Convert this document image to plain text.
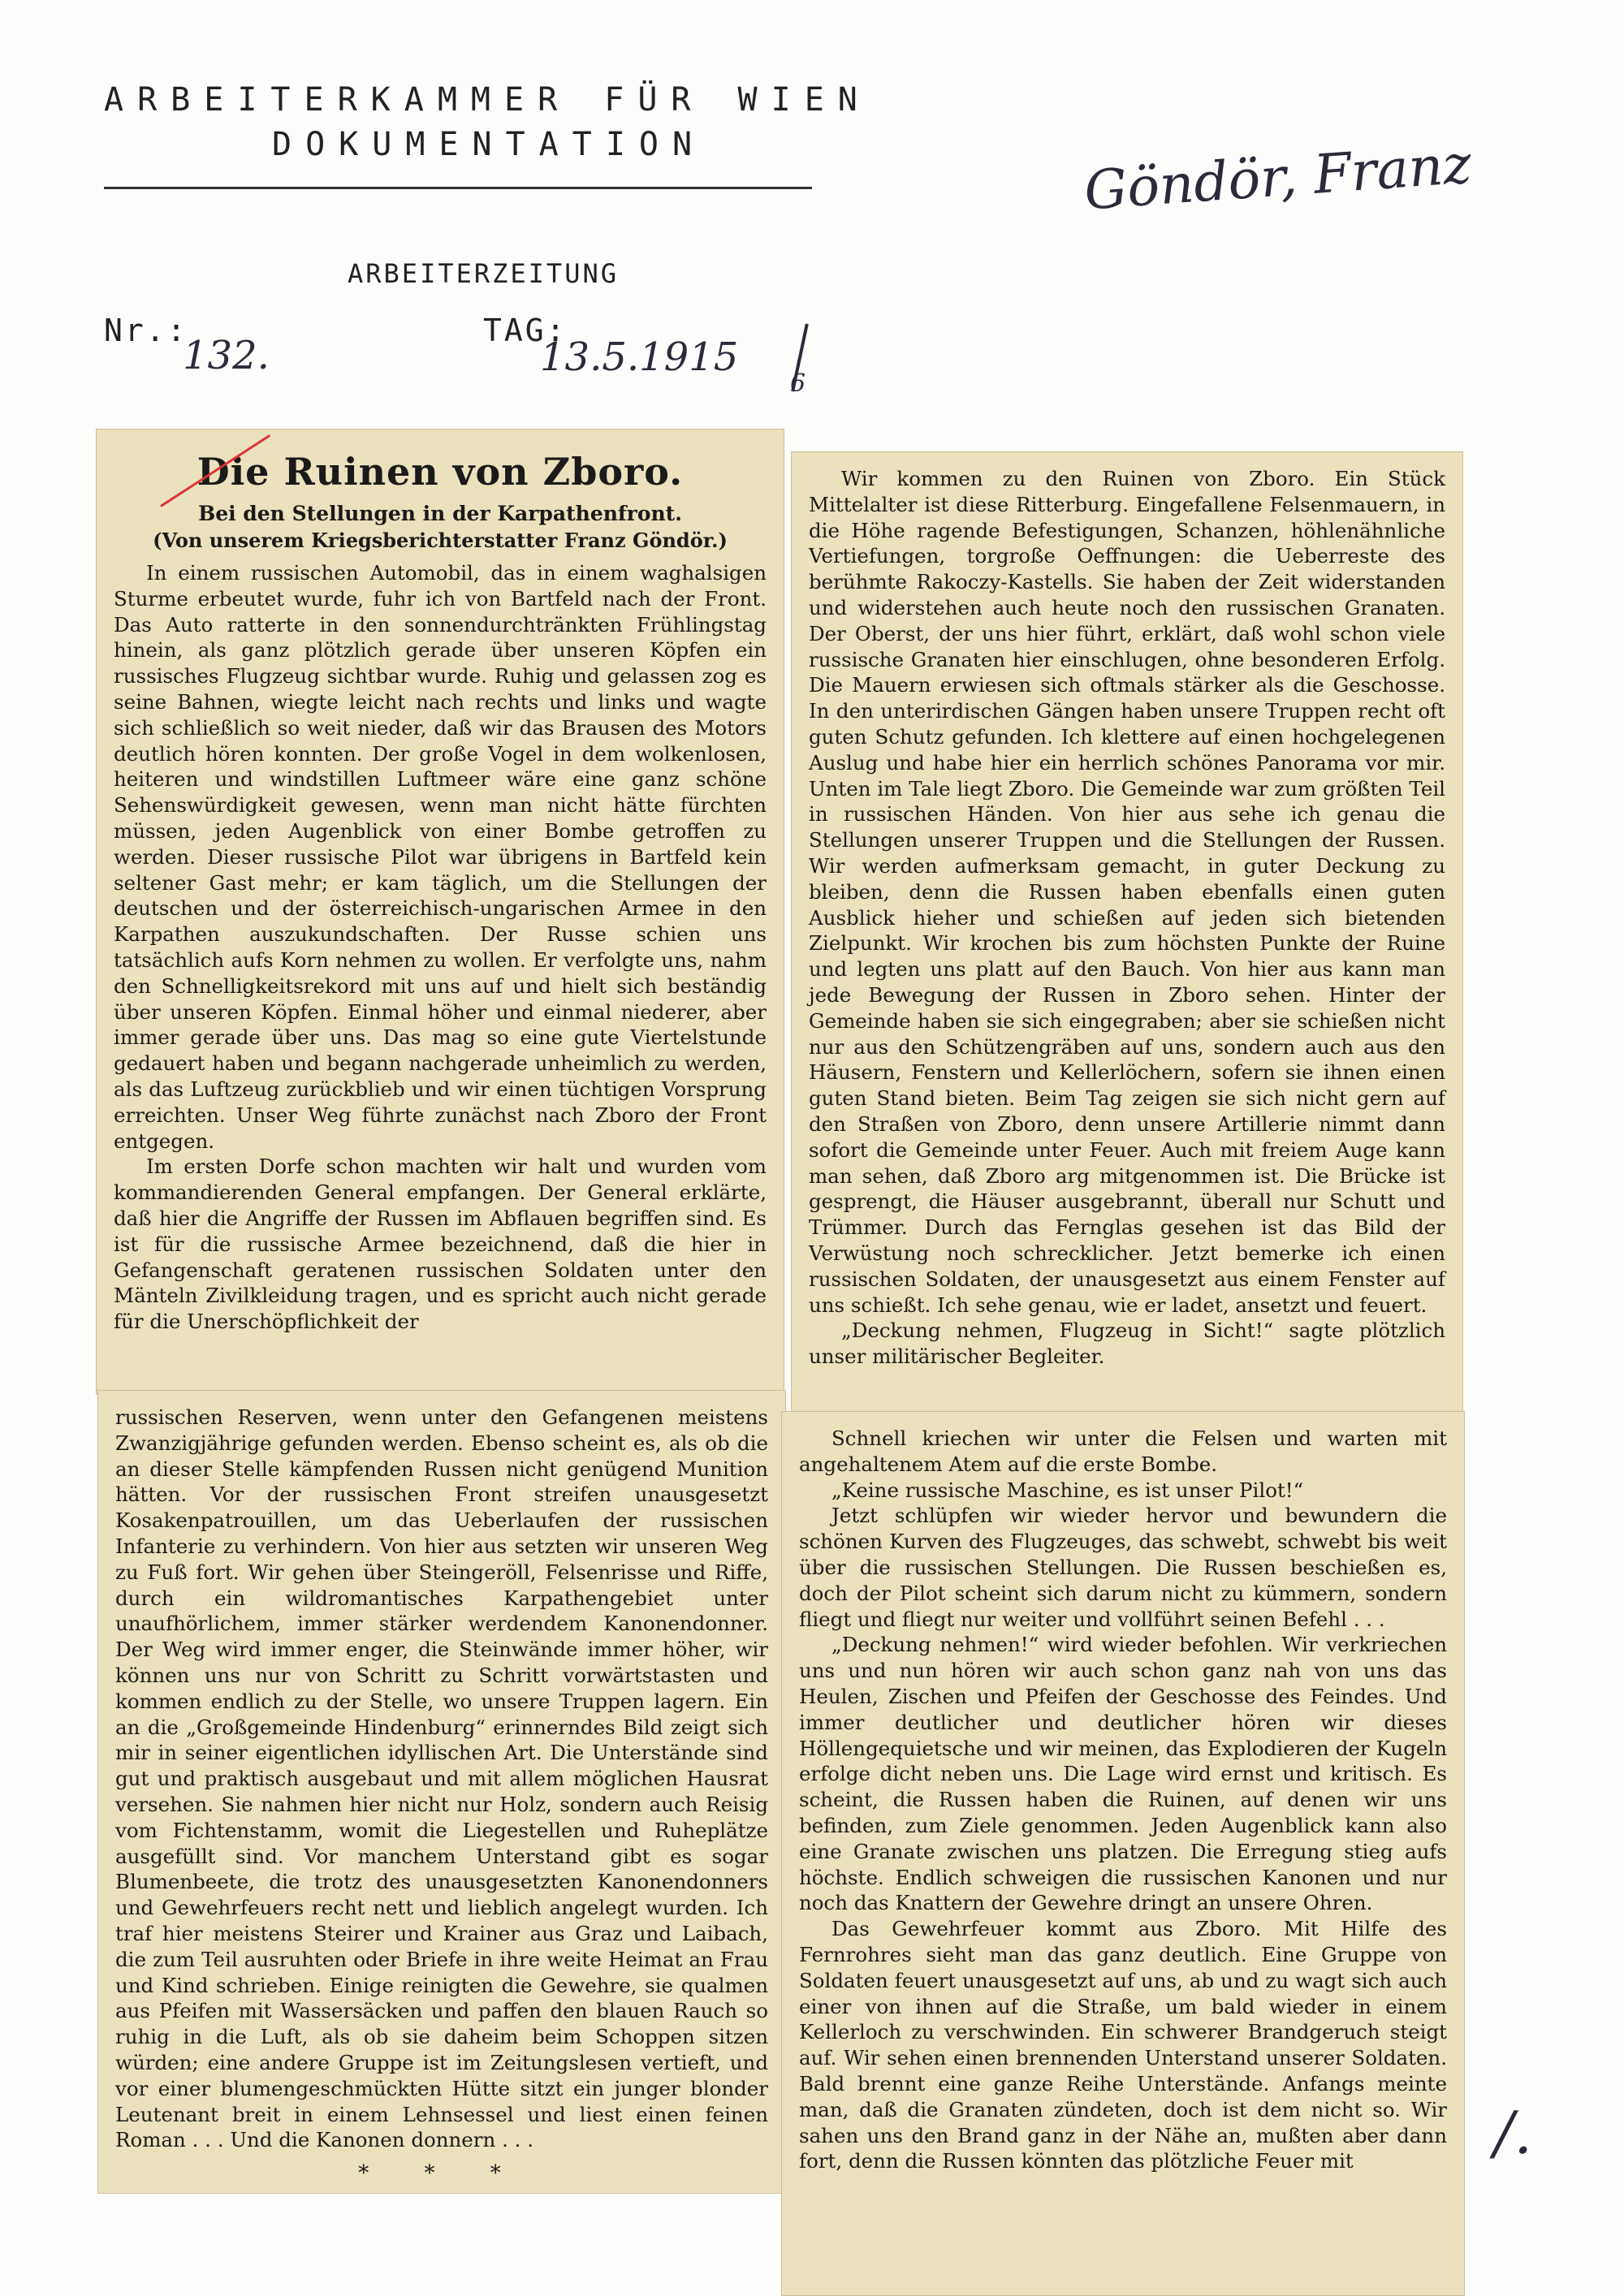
ARBEITERKAMMER FÜR WIEN
DOKUMENTATION
ARBEITERZEITUNG
Nr.:
132.
TAG:
13.5.1915
6
Göndör, Franz
Die Ruinen von Zboro.
Bei den Stellungen in der Karpathenfront.
(Von unserem Kriegsberichterstatter Franz Göndör.)

In einem russischen Automobil, das in einem waghalsigen Sturme erbeutet wurde, fuhr ich von Bartfeld nach der Front. Das Auto ratterte in den sonnendurchtränkten Frühlingstag hinein, als ganz plötzlich gerade über unseren Köpfen ein russisches Flugzeug sichtbar wurde. Ruhig und gelassen zog es seine Bahnen, wiegte leicht nach rechts und links und wagte sich schließlich so weit nieder, daß wir das Brausen des Motors deutlich hören konnten. Der große Vogel in dem wolkenlosen, heiteren und windstillen Luftmeer wäre eine ganz schöne Sehenswürdigkeit gewesen, wenn man nicht hätte fürchten müssen, jeden Augenblick von einer Bombe getroffen zu werden. Dieser russische Pilot war übrigens in Bartfeld kein seltener Gast mehr; er kam täglich, um die Stellungen der deutschen und der österreichisch-ungarischen Armee in den Karpathen auszukundschaften. Der Russe schien uns tatsächlich aufs Korn nehmen zu wollen. Er verfolgte uns, nahm den Schnelligkeitsrekord mit uns auf und hielt sich beständig über unseren Köpfen. Einmal höher und einmal niederer, aber immer gerade über uns. Das mag so eine gute Viertelstunde gedauert haben und begann nachgerade unheimlich zu werden, als das Luftzeug zurückblieb und wir einen tüchtigen Vorsprung erreichten. Unser Weg führte zunächst nach Zboro der Front entgegen.

Im ersten Dorfe schon machten wir halt und wurden vom kommandierenden General empfangen. Der General erklärte, daß hier die Angriffe der Russen im Abflauen begriffen sind. Es ist für die russische Armee bezeichnend, daß die hier in Gefangenschaft geratenen russischen Soldaten unter den Mänteln Zivilkleidung tragen, und es spricht auch nicht gerade für die Unerschöpflichkeit der

russischen Reserven, wenn unter den Gefangenen meistens Zwanzigjährige gefunden werden. Ebenso scheint es, als ob die an dieser Stelle kämpfenden Russen nicht genügend Munition hätten. Vor der russischen Front streifen unausgesetzt Kosakenpatrouillen, um das Ueberlaufen der russischen Infanterie zu verhindern. Von hier aus setzten wir unseren Weg zu Fuß fort. Wir gehen über Steingeröll, Felsenrisse und Riffe, durch ein wildromantisches Karpathengebiet unter unaufhörlichem, immer stärker werdendem Kanonendonner. Der Weg wird immer enger, die Steinwände immer höher, wir können uns nur von Schritt zu Schritt vorwärtstasten und kommen endlich zu der Stelle, wo unsere Truppen lagern. Ein an die „Großgemeinde Hindenburg“ erinnerndes Bild zeigt sich mir in seiner eigentlichen idyllischen Art. Die Unterstände sind gut und praktisch ausgebaut und mit allem möglichen Hausrat versehen. Sie nahmen hier nicht nur Holz, sondern auch Reisig vom Fichtenstamm, womit die Liegestellen und Ruheplätze ausgefüllt sind. Vor manchem Unterstand gibt es sogar Blumenbeete, die trotz des unausgesetzten Kanonendonners und Gewehrfeuers recht nett und lieblich angelegt wurden. Ich traf hier meistens Steirer und Krainer aus Graz und Laibach, die zum Teil ausruhten oder Briefe in ihre weite Heimat an Frau und Kind schrieben. Einige reinigten die Gewehre, sie qualmen aus Pfeifen mit Wassersäcken und paffen den blauen Rauch so ruhig in die Luft, als ob sie daheim beim Schoppen sitzen würden; eine andere Gruppe ist im Zeitungslesen vertieft, und vor einer blumengeschmückten Hütte sitzt ein junger blonder Leutenant breit in einem Lehnsessel und liest einen feinen Roman . . . Und die Kanonen donnern . . .

* * *

Wir kommen zu den Ruinen von Zboro. Ein Stück Mittelalter ist diese Ritterburg. Eingefallene Felsenmauern, in die Höhe ragende Befestigungen, Schanzen, höhlenähnliche Vertiefungen, torgroße Oeffnungen: die Ueberreste des berühmte Rakoczy-Kastells. Sie haben der Zeit widerstanden und widerstehen auch heute noch den russischen Granaten. Der Oberst, der uns hier führt, erklärt, daß wohl schon viele russische Granaten hier einschlugen, ohne besonderen Erfolg. Die Mauern erwiesen sich oftmals stärker als die Geschosse. In den unterirdischen Gängen haben unsere Truppen recht oft guten Schutz gefunden. Ich klettere auf einen hochgelegenen Auslug und habe hier ein herrlich schönes Panorama vor mir. Unten im Tale liegt Zboro. Die Gemeinde war zum größten Teil in russischen Händen. Von hier aus sehe ich genau die Stellungen unserer Truppen und die Stellungen der Russen. Wir werden aufmerksam gemacht, in guter Deckung zu bleiben, denn die Russen haben ebenfalls einen guten Ausblick hieher und schießen auf jeden sich bietenden Zielpunkt. Wir krochen bis zum höchsten Punkte der Ruine und legten uns platt auf den Bauch. Von hier aus kann man jede Bewegung der Russen in Zboro sehen. Hinter der Gemeinde haben sie sich eingegraben; aber sie schießen nicht nur aus den Schützengräben auf uns, sondern auch aus den Häusern, Fenstern und Kellerlöchern, sofern sie ihnen einen guten Stand bieten. Beim Tag zeigen sie sich nicht gern auf den Straßen von Zboro, denn unsere Artillerie nimmt dann sofort die Gemeinde unter Feuer. Auch mit freiem Auge kann man sehen, daß Zboro arg mitgenommen ist. Die Brücke ist gesprengt, die Häuser ausgebrannt, überall nur Schutt und Trümmer. Durch das Fernglas gesehen ist das Bild der Verwüstung noch schrecklicher. Jetzt bemerke ich einen russischen Soldaten, der unausgesetzt aus einem Fenster auf uns schießt. Ich sehe genau, wie er ladet, ansetzt und feuert.

„Deckung nehmen, Flugzeug in Sicht!“ sagte plötzlich unser militärischer Begleiter.

Schnell kriechen wir unter die Felsen und warten mit angehaltenem Atem auf die erste Bombe.

„Keine russische Maschine, es ist unser Pilot!“

Jetzt schlüpfen wir wieder hervor und bewundern die schönen Kurven des Flugzeuges, das schwebt, schwebt bis weit über die russischen Stellungen. Die Russen beschießen es, doch der Pilot scheint sich darum nicht zu kümmern, sondern fliegt und fliegt nur weiter und vollführt seinen Befehl . . .

„Deckung nehmen!“ wird wieder befohlen. Wir verkriechen uns und nun hören wir auch schon ganz nah von uns das Heulen, Zischen und Pfeifen der Geschosse des Feindes. Und immer deutlicher und deutlicher hören wir dieses Höllengequietsche und wir meinen, das Explodieren der Kugeln erfolge dicht neben uns. Die Lage wird ernst und kritisch. Es scheint, die Russen haben die Ruinen, auf denen wir uns befinden, zum Ziele genommen. Jeden Augenblick kann also eine Granate zwischen uns platzen. Die Erregung stieg aufs höchste. Endlich schweigen die russischen Kanonen und nur noch das Knattern der Gewehre dringt an unsere Ohren.

Das Gewehrfeuer kommt aus Zboro. Mit Hilfe des Fernrohres sieht man das ganz deutlich. Eine Gruppe von Soldaten feuert unausgesetzt auf uns, ab und zu wagt sich auch einer von ihnen auf die Straße, um bald wieder in einem Kellerloch zu verschwinden. Ein schwerer Brandgeruch steigt auf. Wir sehen einen brennenden Unterstand unserer Soldaten. Bald brennt eine ganze Reihe Unterstände. Anfangs meinte man, daß die Granaten zündeten, doch ist dem nicht so. Wir sahen uns den Brand ganz in der Nähe an, mußten aber dann fort, denn die Russen könnten das plötzliche Feuer mit	/.
